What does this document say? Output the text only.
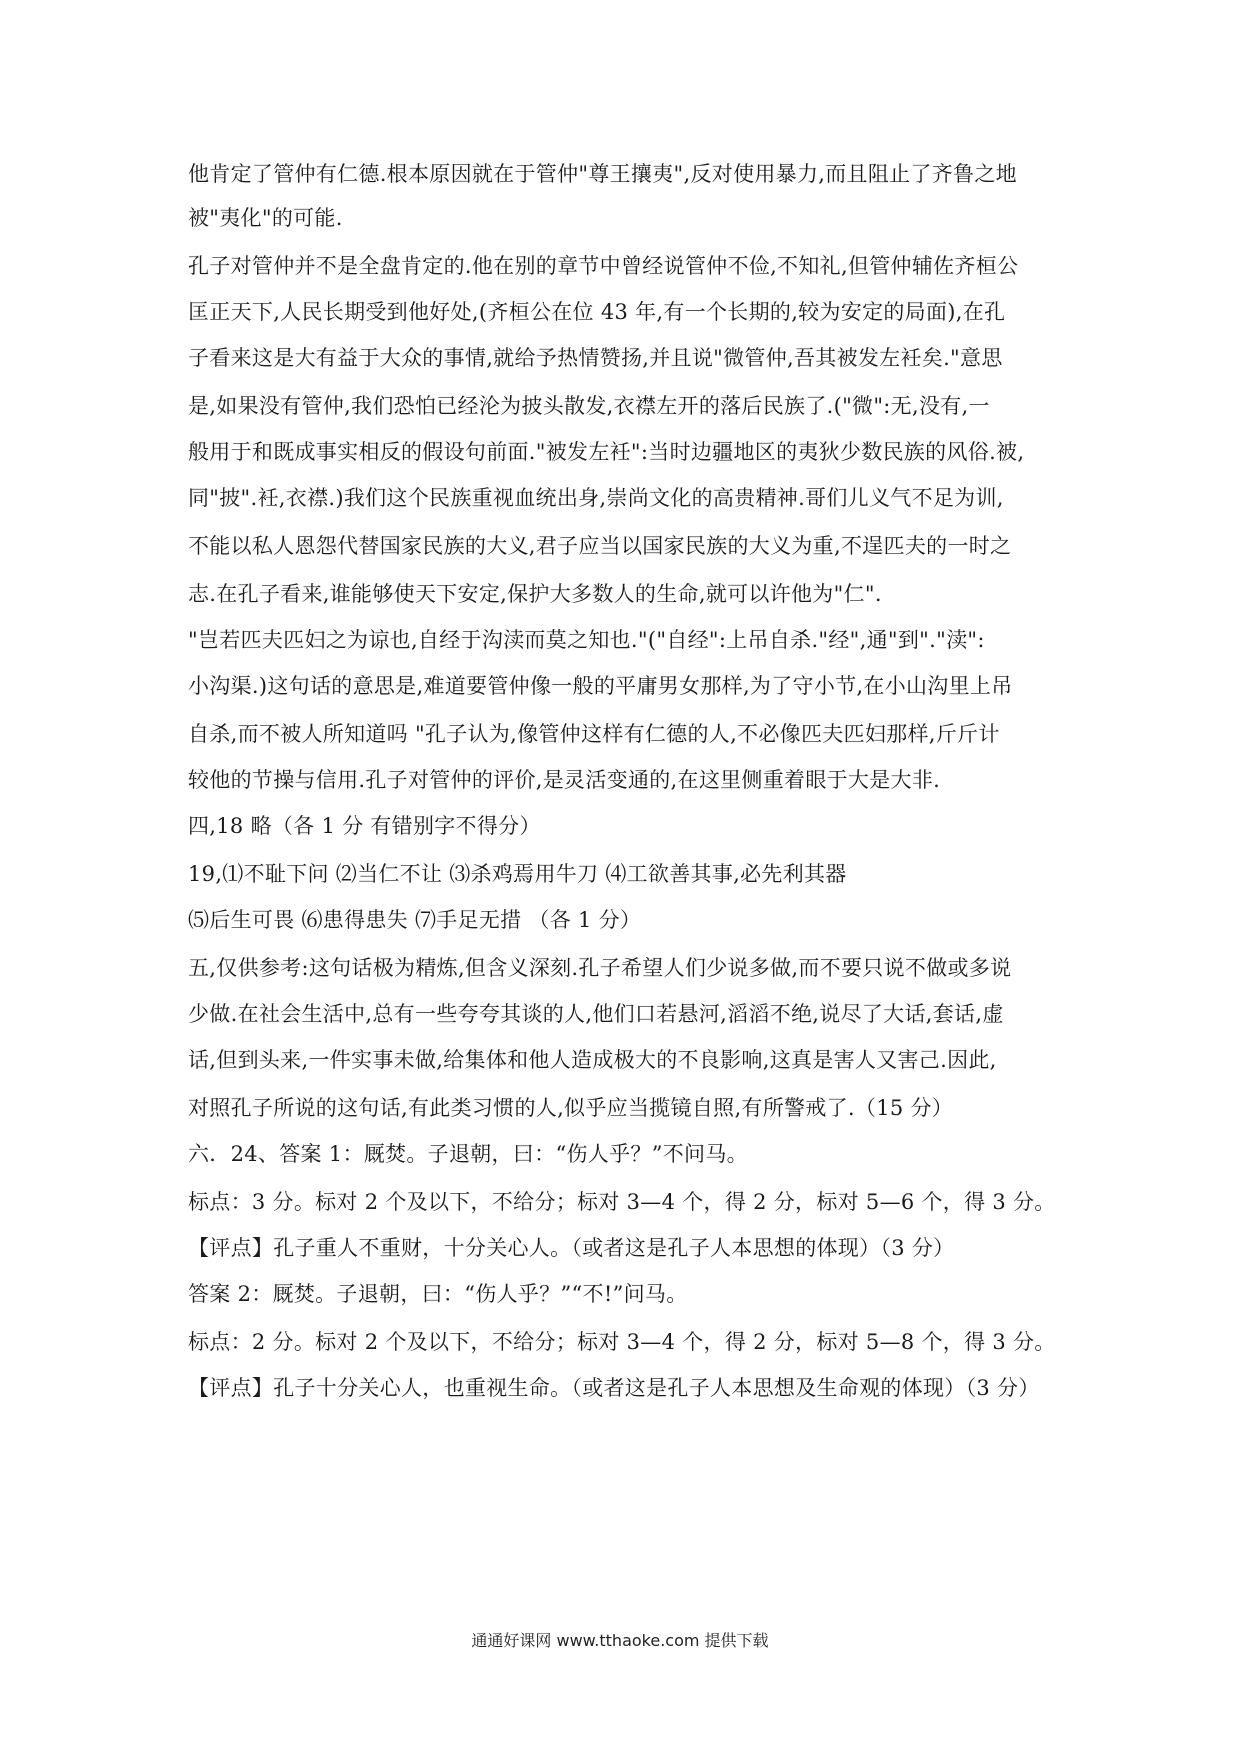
他肯定了管仲有仁德.根本原因就在于管仲"尊王攘夷",反对使用暴力,而且阻止了齐鲁之地

被"夷化"的可能.

孔子对管仲并不是全盘肯定的.他在别的章节中曾经说管仲不俭,不知礼,但管仲辅佐齐桓公

匡正天下,人民长期受到他好处,(齐桓公在位 43 年,有一个长期的,较为安定的局面),在孔

子看来这是大有益于大众的事情,就给予热情赞扬,并且说"微管仲,吾其被发左衽矣."意思

是,如果没有管仲,我们恐怕已经沦为披头散发,衣襟左开的落后民族了.("微":无,没有,一

般用于和既成事实相反的假设句前面."被发左衽":当时边疆地区的夷狄少数民族的风俗.被,

同"披".衽,衣襟.)我们这个民族重视血统出身,崇尚文化的高贵精神.哥们儿义气不足为训,

不能以私人恩怨代替国家民族的大义,君子应当以国家民族的大义为重,不逞匹夫的一时之

志.在孔子看来,谁能够使天下安定,保护大多数人的生命,就可以许他为"仁".

"岂若匹夫匹妇之为谅也,自经于沟渎而莫之知也."("自经":上吊自杀."经",通"到"."渎":

小沟渠.)这句话的意思是,难道要管仲像一般的平庸男女那样,为了守小节,在小山沟里上吊

自杀,而不被人所知道吗 "孔子认为,像管仲这样有仁德的人,不必像匹夫匹妇那样,斤斤计

较他的节操与信用.孔子对管仲的评价,是灵活变通的,在这里侧重着眼于大是大非.

四,18 略（各 1 分 有错别字不得分）

19,⑴不耻下问 ⑵当仁不让 ⑶杀鸡焉用牛刀 ⑷工欲善其事,必先利其器

⑸后生可畏 ⑹患得患失 ⑺手足无措 （各 1 分）

五,仅供参考:这句话极为精炼,但含义深刻.孔子希望人们少说多做,而不要只说不做或多说

少做.在社会生活中,总有一些夸夸其谈的人,他们口若悬河,滔滔不绝,说尽了大话,套话,虚

话,但到头来,一件实事未做,给集体和他人造成极大的不良影响,这真是害人又害己.因此,

对照孔子所说的这句话,有此类习惯的人,似乎应当揽镜自照,有所警戒了.（15 分）

六．24、答案 1：厩焚。子退朝，曰：“伤人乎？”不问马。

标点：3 分。标对 2 个及以下，不给分；标对 3—4 个，得 2 分，标对 5—6 个，得 3 分。

【评点】孔子重人不重财，十分关心人。（或者这是孔子人本思想的体现）（3 分）

答案 2：厩焚。子退朝，曰：“伤人乎？”“不!”问马。

标点：2 分。标对 2 个及以下，不给分；标对 3—4 个，得 2 分，标对 5—8 个，得 3 分。

【评点】孔子十分关心人，也重视生命。（或者这是孔子人本思想及生命观的体现）（3 分）

通通好课网 www.tthaoke.com 提供下载
